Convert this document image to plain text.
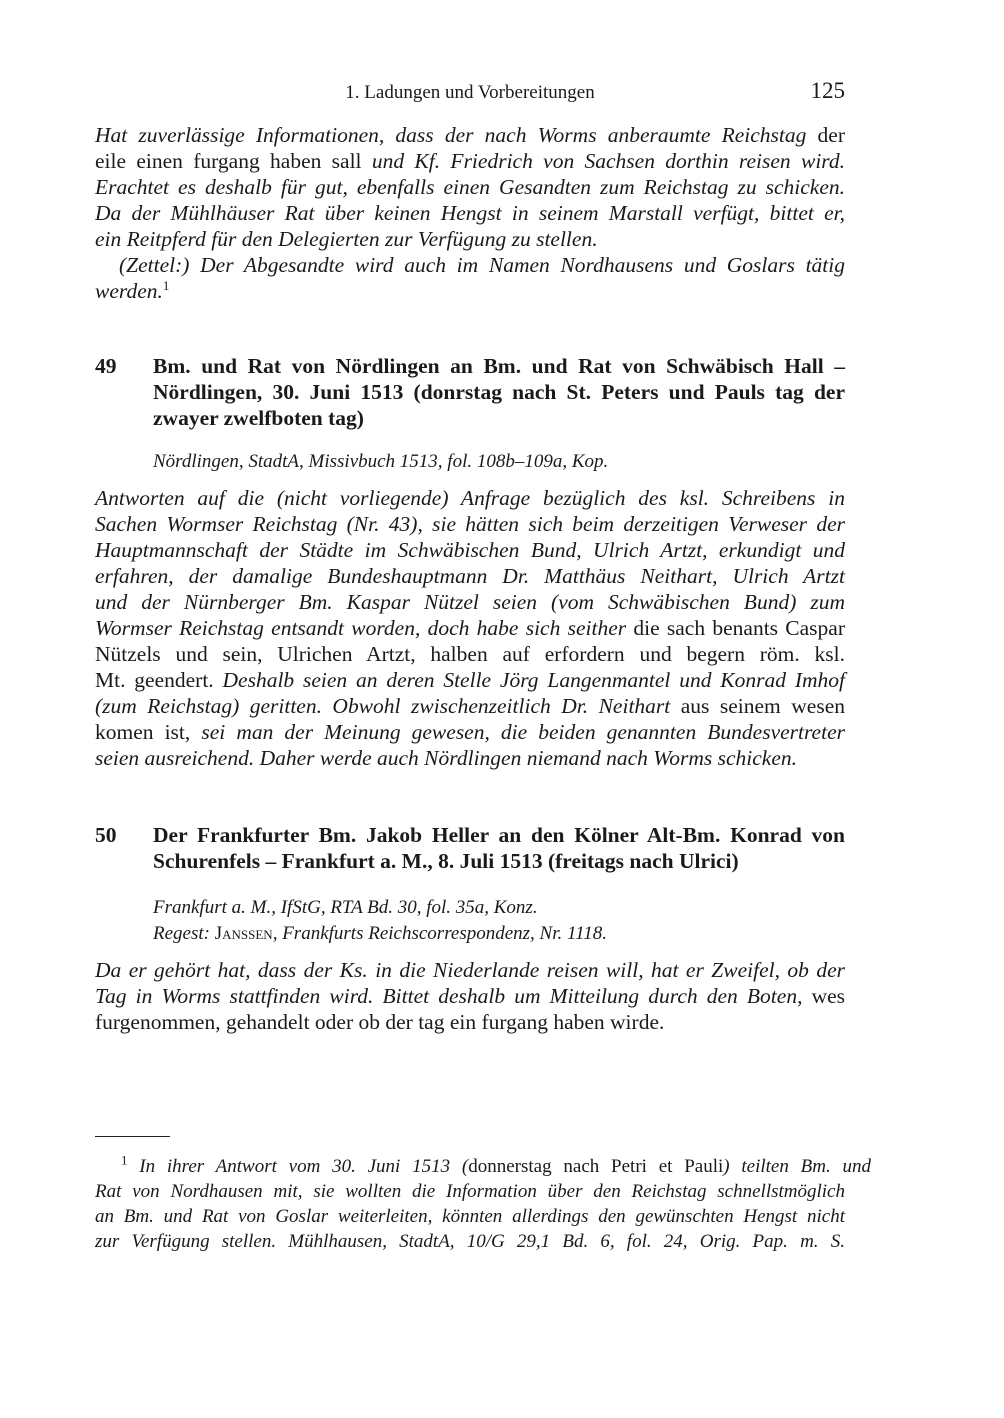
1. Ladungen und Vorbereitungen	125
Hat zuverlässige Informationen, dass der nach Worms anberaumte Reichstag der
eile einen furgang haben sall und Kf. Friedrich von Sachsen dorthin reisen wird.
Erachtet es deshalb für gut, ebenfalls einen Gesandten zum Reichstag zu schicken.
Da der Mühlhäuser Rat über keinen Hengst in seinem Marstall verfügt, bittet er,
ein Reitpferd für den Delegierten zur Verfügung zu stellen.
(Zettel:) Der Abgesandte wird auch im Namen Nordhausens und Goslars tätig
werden.$^1$
49 Bm. und Rat von Nördlingen an Bm. und Rat von Schwäbisch Hall –
Nördlingen, 30. Juni 1513 (donrstag nach St. Peters und Pauls tag der
zwayer zwelfboten tag)
Nördlingen, StadtA, Missivbuch 1513, fol. 108b–109a, Kop.
Antworten auf die (nicht vorliegende) Anfrage bezüglich des ksl. Schreibens in
Sachen Wormser Reichstag (Nr. 43), sie hätten sich beim derzeitigen Verweser der
Hauptmannschaft der Städte im Schwäbischen Bund, Ulrich Artzt, erkundigt und
erfahren, der damalige Bundeshauptmann Dr. Matthäus Neithart, Ulrich Artzt
und der Nürnberger Bm. Kaspar Nützel seien (vom Schwäbischen Bund) zum
Wormser Reichstag entsandt worden, doch habe sich seither die sach benants Caspar
Nützels und sein, Ulrichen Artzt, halben auf erfordern und begern röm. ksl.
Mt. geendert. Deshalb seien an deren Stelle Jörg Langenmantel und Konrad Imhof
(zum Reichstag) geritten. Obwohl zwischenzeitlich Dr. Neithart aus seinem wesen
komen ist, sei man der Meinung gewesen, die beiden genannten Bundesvertreter
seien ausreichend. Daher werde auch Nördlingen niemand nach Worms schicken.
50 Der Frankfurter Bm. Jakob Heller an den Kölner Alt-Bm. Konrad von
Schurenfels – Frankfurt a. M., 8. Juli 1513 (freitags nach Ulrici)
Frankfurt a. M., IfStG, RTA Bd. 30, fol. 35a, Konz.
Regest: Janssen, Frankfurts Reichscorrespondenz, Nr. 1118.
Da er gehört hat, dass der Ks. in die Niederlande reisen will, hat er Zweifel, ob der
Tag in Worms stattfinden wird. Bittet deshalb um Mitteilung durch den Boten, wes
furgenommen, gehandelt oder ob der tag ein furgang haben wirde.
$^1$ In ihrer Antwort vom 30. Juni 1513 (donnerstag nach Petri et Pauli) teilten Bm. und
Rat von Nordhausen mit, sie wollten die Information über den Reichstag schnellstmöglich
an Bm. und Rat von Goslar weiterleiten, könnten allerdings den gewünschten Hengst nicht
zur Verfügung stellen. Mühlhausen, StadtA, 10/G 29,1 Bd. 6, fol. 24, Orig. Pap. m. S.
